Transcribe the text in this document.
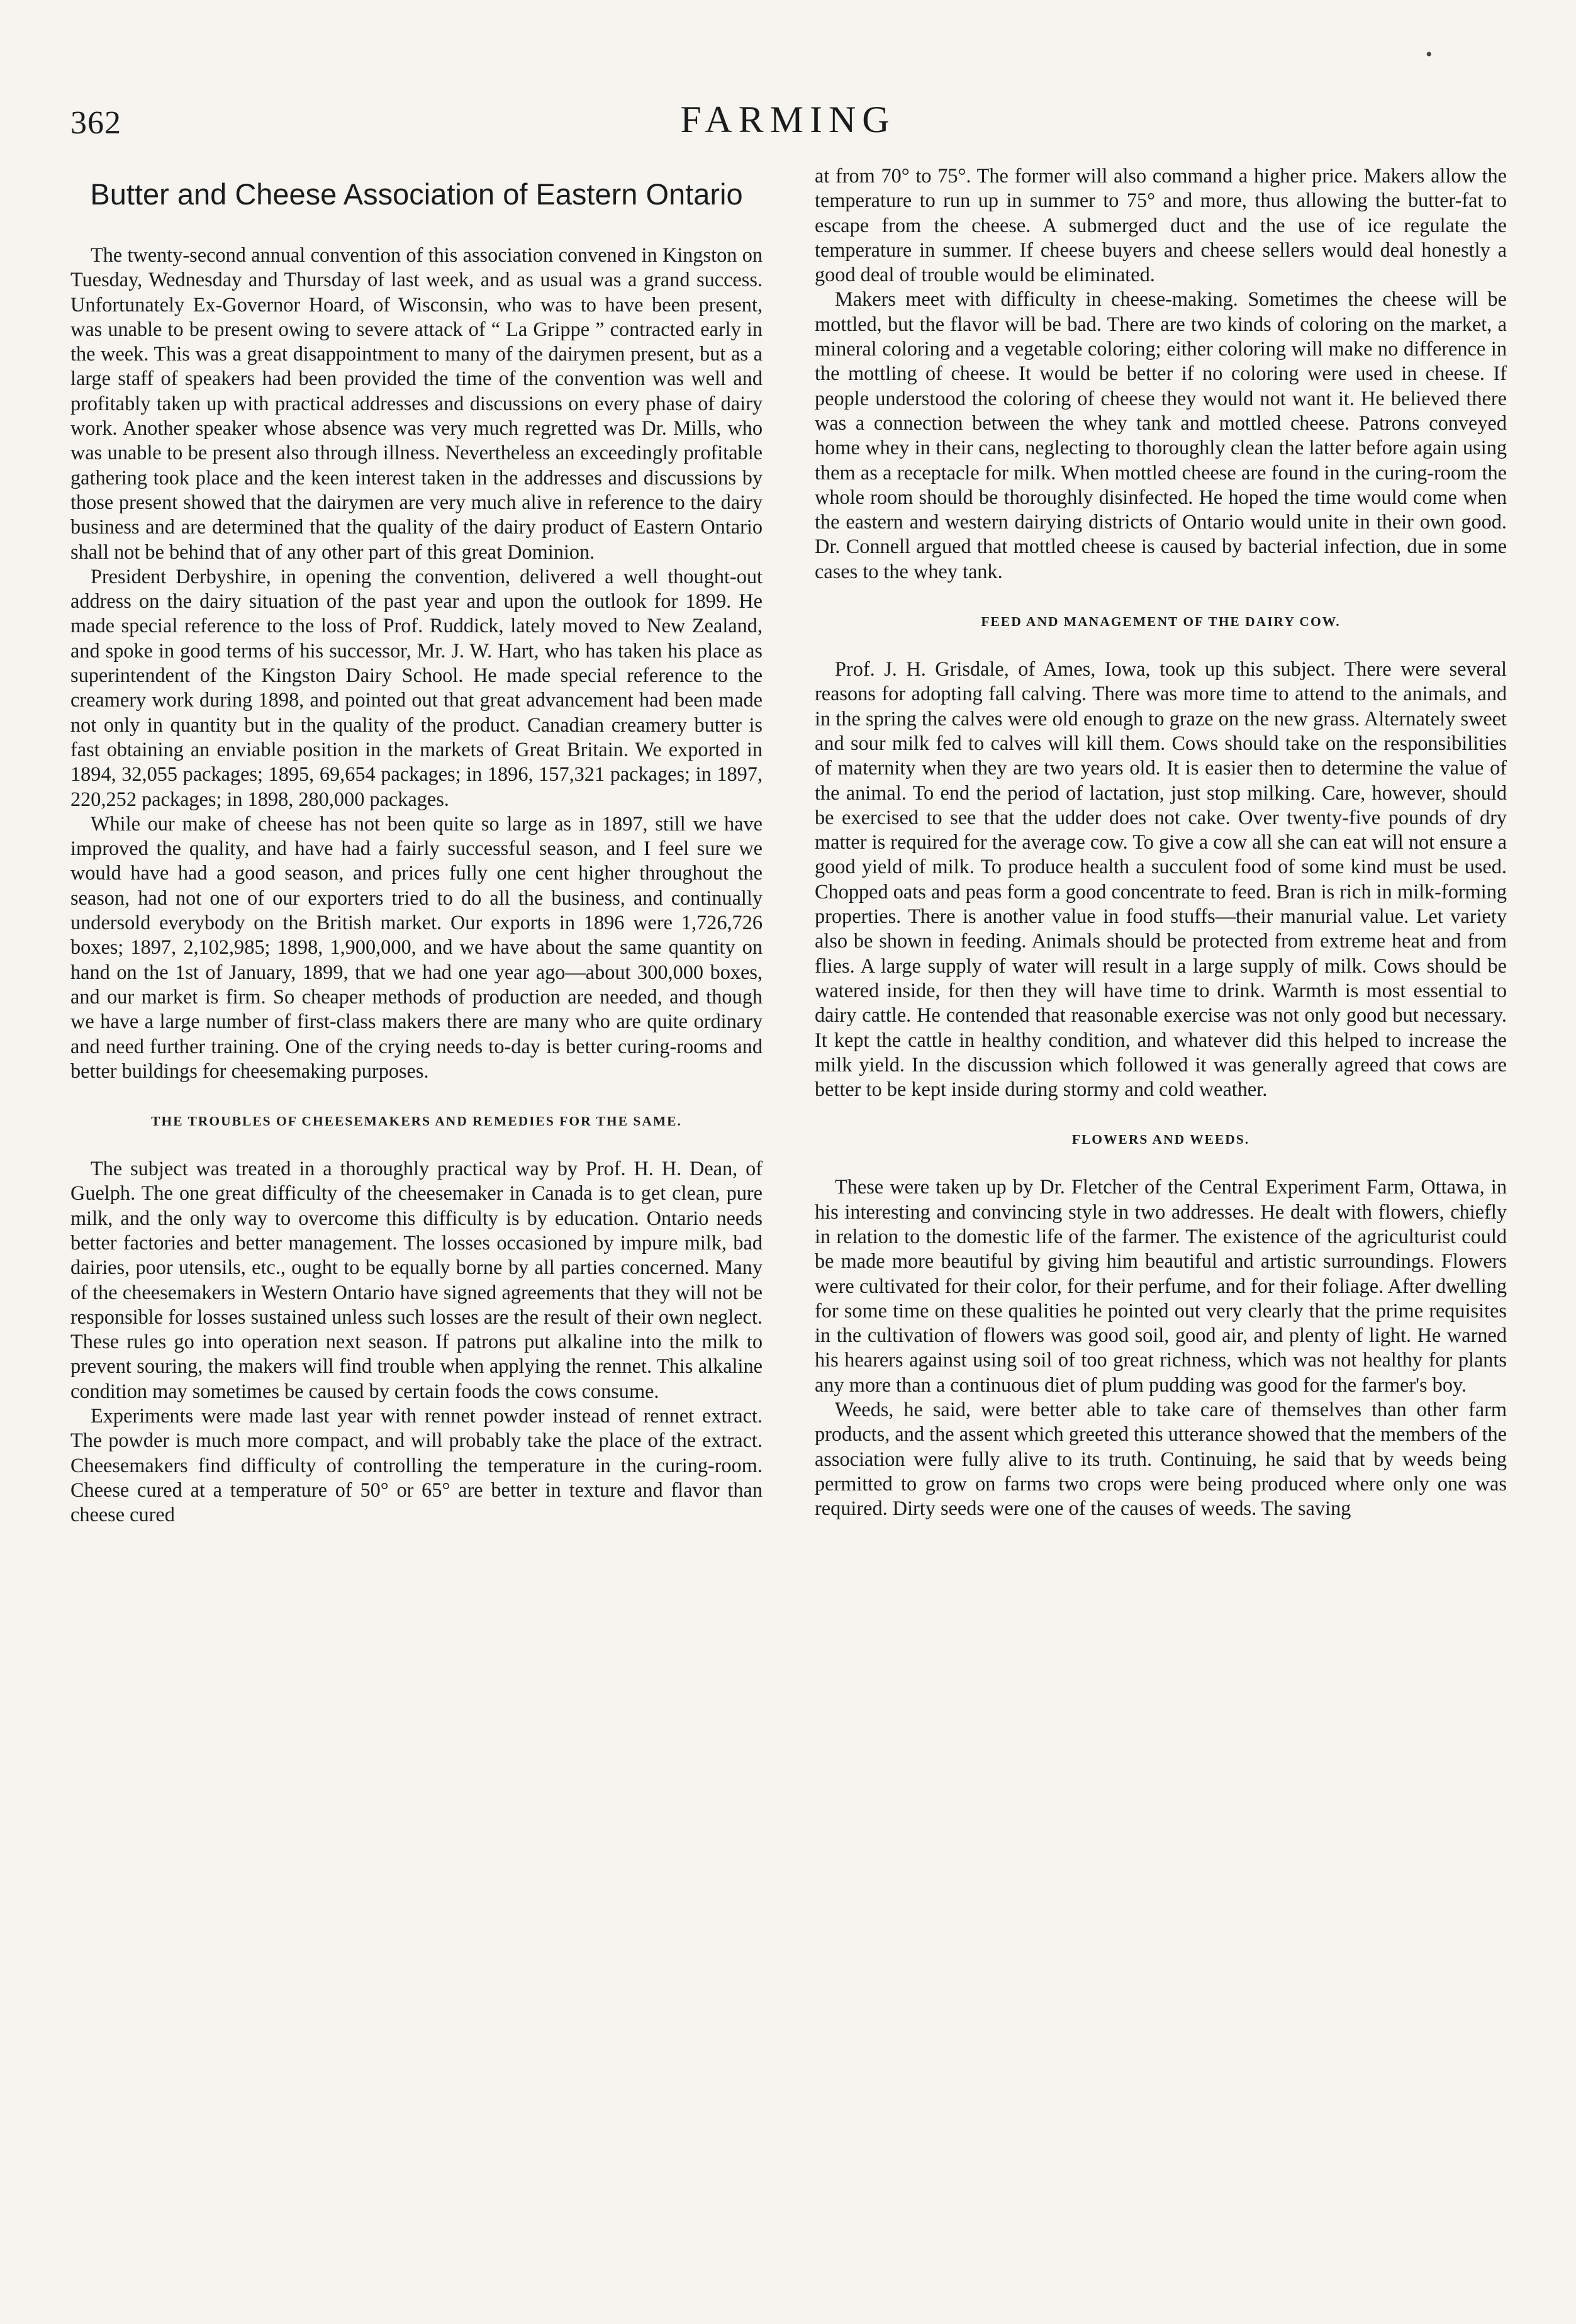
•
362	FARMING
Butter and Cheese Association of Eastern Ontario

The twenty-second annual convention of this association convened in Kingston on Tuesday, Wednesday and Thursday of last week, and as usual was a grand success. Unfortunately Ex-Governor Hoard, of Wisconsin, who was to have been present, was unable to be present owing to severe attack of “ La Grippe ” contracted early in the week. This was a great disappointment to many of the dairymen present, but as a large staff of speakers had been provided the time of the convention was well and profitably taken up with practical addresses and discussions on every phase of dairy work. Another speaker whose absence was very much regretted was Dr. Mills, who was unable to be present also through illness. Nevertheless an exceedingly profitable gathering took place and the keen interest taken in the addresses and discussions by those present showed that the dairymen are very much alive in reference to the dairy business and are determined that the quality of the dairy product of Eastern Ontario shall not be behind that of any other part of this great Dominion.

President Derbyshire, in opening the convention, delivered a well thought-out address on the dairy situation of the past year and upon the outlook for 1899. He made special reference to the loss of Prof. Ruddick, lately moved to New Zealand, and spoke in good terms of his successor, Mr. J. W. Hart, who has taken his place as superintendent of the Kingston Dairy School. He made special reference to the creamery work during 1898, and pointed out that great advancement had been made not only in quantity but in the quality of the product. Canadian creamery butter is fast obtaining an enviable position in the markets of Great Britain. We exported in 1894, 32,055 packages; 1895, 69,654 packages; in 1896, 157,321 packages; in 1897, 220,252 packages; in 1898, 280,000 packages.

While our make of cheese has not been quite so large as in 1897, still we have improved the quality, and have had a fairly successful season, and I feel sure we would have had a good season, and prices fully one cent higher throughout the season, had not one of our exporters tried to do all the business, and continually undersold everybody on the British market. Our exports in 1896 were 1,726,726 boxes; 1897, 2,102,985; 1898, 1,900,000, and we have about the same quantity on hand on the 1st of January, 1899, that we had one year ago—about 300,000 boxes, and our market is firm. So cheaper methods of production are needed, and though we have a large number of first-class makers there are many who are quite ordinary and need further training. One of the crying needs to-day is better curing-rooms and better buildings for cheesemaking purposes.

THE TROUBLES OF CHEESEMAKERS AND REMEDIES FOR THE SAME.

The subject was treated in a thoroughly practical way by Prof. H. H. Dean, of Guelph. The one great difficulty of the cheesemaker in Canada is to get clean, pure milk, and the only way to overcome this difficulty is by education. Ontario needs better factories and better management. The losses occasioned by impure milk, bad dairies, poor utensils, etc., ought to be equally borne by all parties concerned. Many of the cheesemakers in Western Ontario have signed agreements that they will not be responsible for losses sustained unless such losses are the result of their own neglect. These rules go into operation next season. If patrons put alkaline into the milk to prevent souring, the makers will find trouble when applying the rennet. This alkaline condition may sometimes be caused by certain foods the cows consume.

Experiments were made last year with rennet powder instead of rennet extract. The powder is much more compact, and will probably take the place of the extract. Cheesemakers find difficulty of controlling the temperature in the curing-room. Cheese cured at a temperature of 50° or 65° are better in texture and flavor than cheese cured

at from 70° to 75°. The former will also command a higher price. Makers allow the temperature to run up in summer to 75° and more, thus allowing the butter-fat to escape from the cheese. A submerged duct and the use of ice regulate the temperature in summer. If cheese buyers and cheese sellers would deal honestly a good deal of trouble would be eliminated.

Makers meet with difficulty in cheese-making. Sometimes the cheese will be mottled, but the flavor will be bad. There are two kinds of coloring on the market, a mineral coloring and a vegetable coloring; either coloring will make no difference in the mottling of cheese. It would be better if no coloring were used in cheese. If people understood the coloring of cheese they would not want it. He believed there was a connection between the whey tank and mottled cheese. Patrons conveyed home whey in their cans, neglecting to thoroughly clean the latter before again using them as a receptacle for milk. When mottled cheese are found in the curing-room the whole room should be thoroughly disinfected. He hoped the time would come when the eastern and western dairying districts of Ontario would unite in their own good. Dr. Connell argued that mottled cheese is caused by bacterial infection, due in some cases to the whey tank.

FEED AND MANAGEMENT OF THE DAIRY COW.

Prof. J. H. Grisdale, of Ames, Iowa, took up this subject. There were several reasons for adopting fall calving. There was more time to attend to the animals, and in the spring the calves were old enough to graze on the new grass. Alternately sweet and sour milk fed to calves will kill them. Cows should take on the responsibilities of maternity when they are two years old. It is easier then to determine the value of the animal. To end the period of lactation, just stop milking. Care, however, should be exercised to see that the udder does not cake. Over twenty-five pounds of dry matter is required for the average cow. To give a cow all she can eat will not ensure a good yield of milk. To produce health a succulent food of some kind must be used. Chopped oats and peas form a good concentrate to feed. Bran is rich in milk-forming properties. There is another value in food stuffs—their manurial value. Let variety also be shown in feeding. Animals should be protected from extreme heat and from flies. A large supply of water will result in a large supply of milk. Cows should be watered inside, for then they will have time to drink. Warmth is most essential to dairy cattle. He contended that reasonable exercise was not only good but necessary. It kept the cattle in healthy condition, and whatever did this helped to increase the milk yield. In the discussion which followed it was generally agreed that cows are better to be kept inside during stormy and cold weather.

FLOWERS AND WEEDS.

These were taken up by Dr. Fletcher of the Central Experiment Farm, Ottawa, in his interesting and convincing style in two addresses. He dealt with flowers, chiefly in relation to the domestic life of the farmer. The existence of the agriculturist could be made more beautiful by giving him beautiful and artistic surroundings. Flowers were cultivated for their color, for their perfume, and for their foliage. After dwelling for some time on these qualities he pointed out very clearly that the prime requisites in the cultivation of flowers was good soil, good air, and plenty of light. He warned his hearers against using soil of too great richness, which was not healthy for plants any more than a continuous diet of plum pudding was good for the farmer's boy.

Weeds, he said, were better able to take care of themselves than other farm products, and the assent which greeted this utterance showed that the members of the association were fully alive to its truth. Continuing, he said that by weeds being permitted to grow on farms two crops were being produced where only one was required. Dirty seeds were one of the causes of weeds. The saving
